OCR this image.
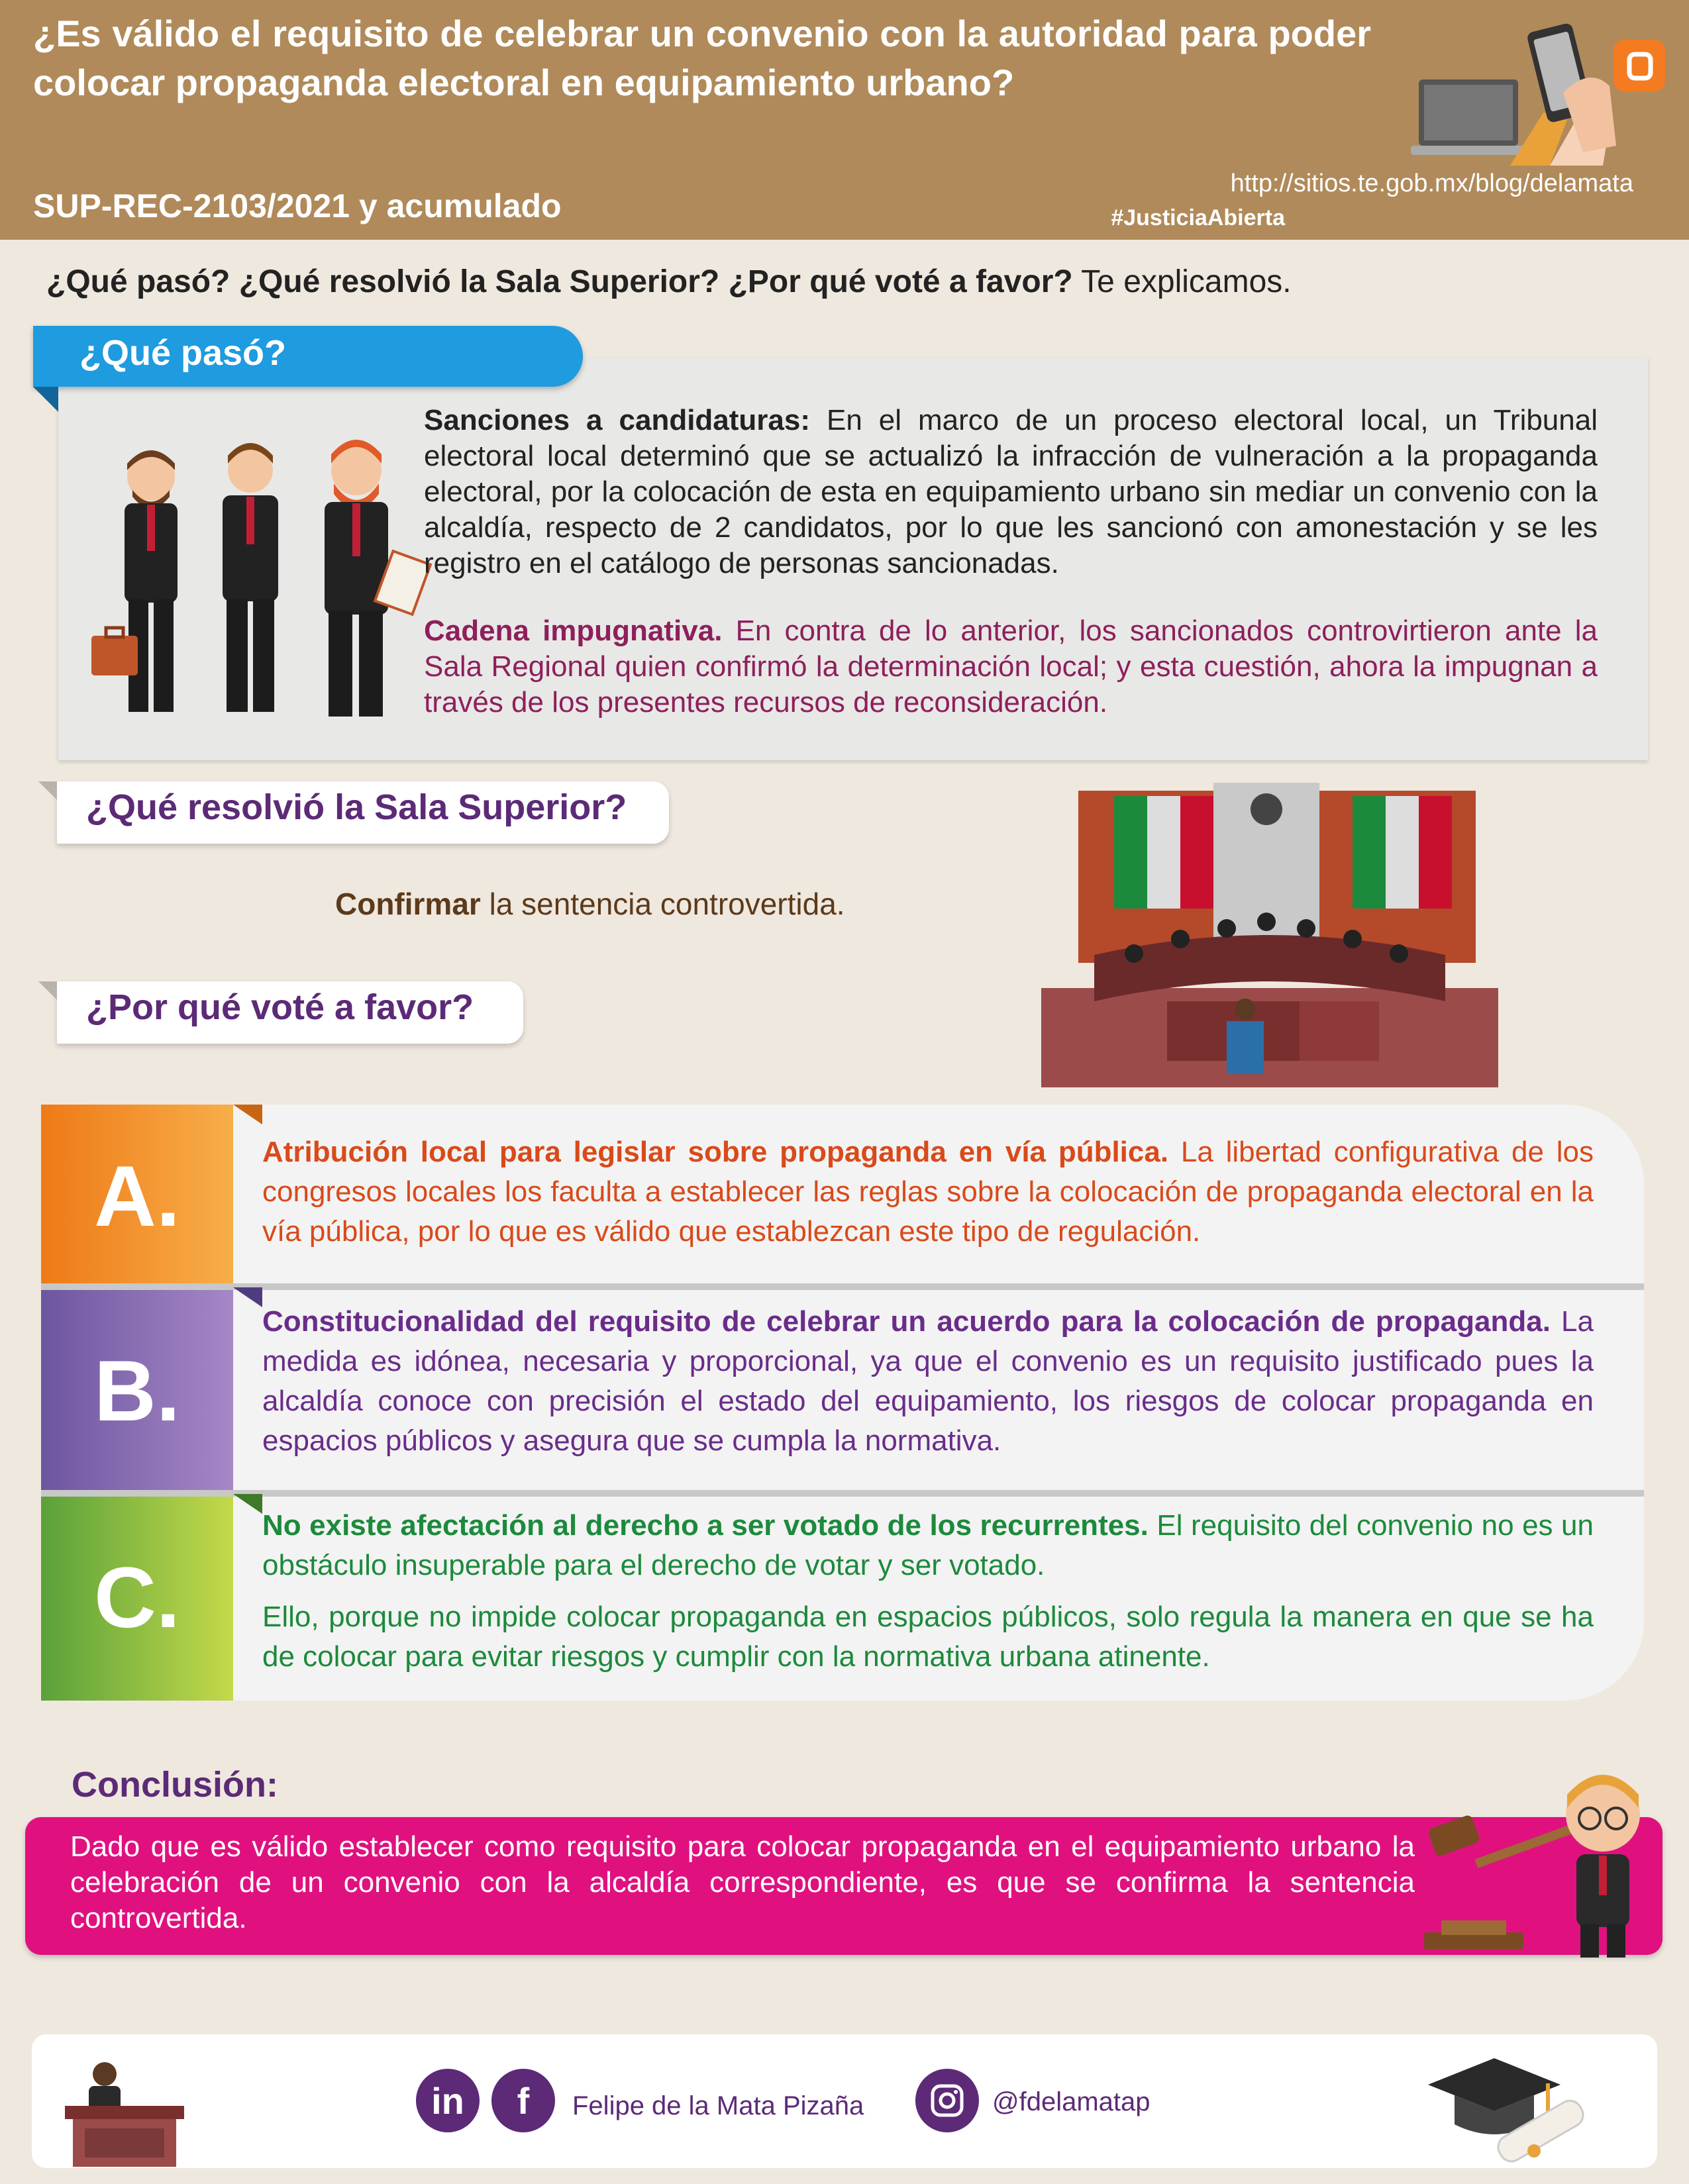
¿Es válido el requisito de celebrar un convenio con la autoridad para poder colocar propaganda electoral en equipamiento urbano?
SUP-REC-2103/2021 y acumulado
http://sitios.te.gob.mx/blog/delamata
#JusticiaAbierta
¿Qué pasó? ¿Qué resolvió la Sala Superior? ¿Por qué voté a favor? Te explicamos.
Sanciones a candidaturas: En el marco de un proceso electoral local, un Tribunal electoral local determinó que se actualizó la infracción de vulneración a la propaganda electoral, por la colocación de esta en equipamiento urbano sin mediar un convenio con la alcaldía, respecto de 2 candidatos, por lo que les sancionó con amonestación y se les registro en el catálogo de personas sancionadas.
Cadena impugnativa. En contra de lo anterior, los sancionados controvirtieron ante la Sala Regional quien confirmó la determinación local; y esta cuestión, ahora la impugnan a través de los presentes recursos de reconsideración.
¿Qué pasó?
¿Qué resolvió la Sala Superior?
Confirmar la sentencia controvertida.
¿Por qué voté a favor?
A.	Atribución local para legislar sobre propaganda en vía pública. La libertad configurativa de los congresos locales los faculta a establecer las reglas sobre la colocación de propaganda electoral en la vía pública, por lo que es válido que establezcan este tipo de regulación.
B.
Constitucionalidad del requisito de celebrar un acuerdo para la colocación de propaganda. La medida es idónea, necesaria y proporcional, ya que el convenio es un requisito justificado pues la alcaldía conoce con precisión el estado del equipamiento, los riesgos de colocar propaganda en espacios públicos y asegura que se cumpla la normativa.
C.
No existe afectación al derecho a ser votado de los recurrentes. El requisito del convenio no es un obstáculo insuperable para el derecho de votar y ser votado.
Ello, porque no impide colocar propaganda en espacios públicos, solo regula la manera en que se ha de colocar para evitar riesgos y cumplir con la normativa urbana atinente.
Conclusión:
Dado que es válido establecer como requisito para colocar propaganda en el equipamiento urbano la celebración de un convenio con la alcaldía correspondiente, es que se confirma la sentencia controvertida.
in	f	Felipe de la Mata Pizaña	@fdelamatap
